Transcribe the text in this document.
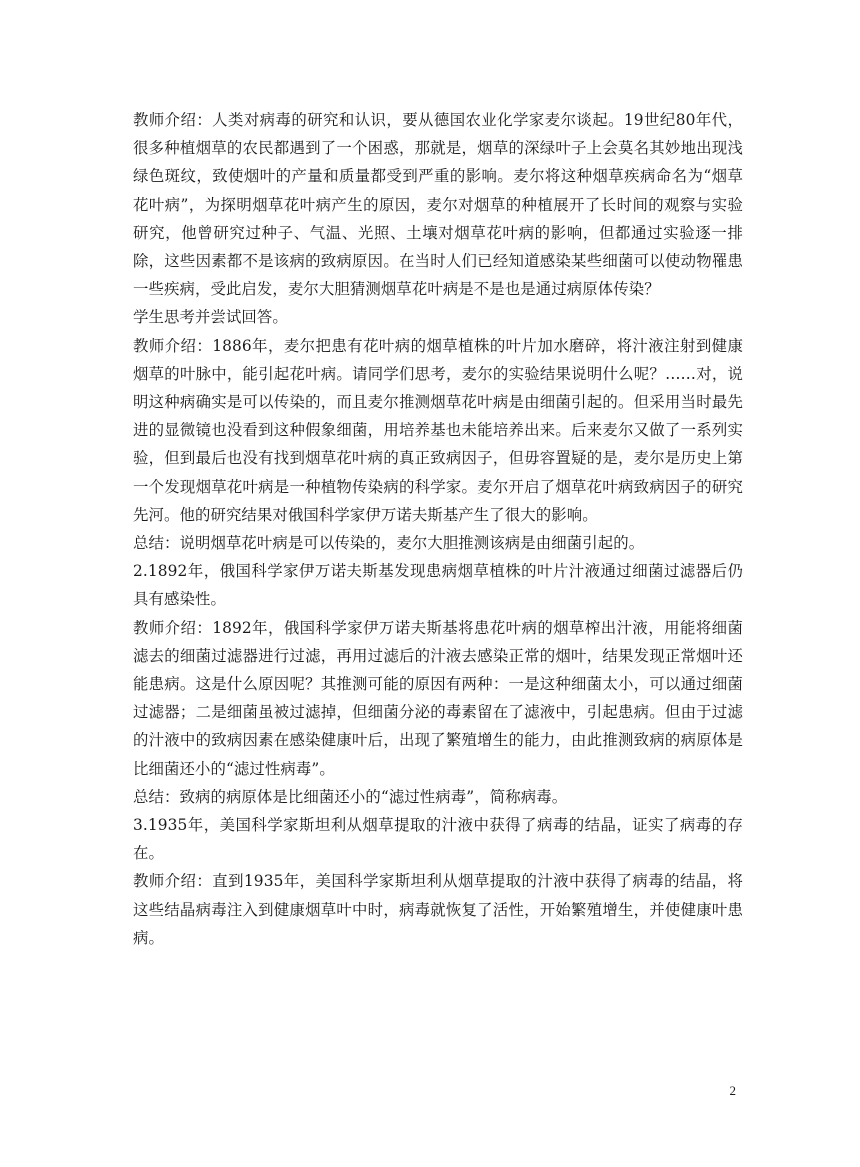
教师介绍：人类对病毒的研究和认识，要从德国农业化学家麦尔谈起。19世纪80年代，很多种植烟草的农民都遇到了一个困惑，那就是，烟草的深绿叶子上会莫名其妙地出现浅绿色斑纹，致使烟叶的产量和质量都受到严重的影响。麦尔将这种烟草疾病命名为“烟草花叶病”，为探明烟草花叶病产生的原因，麦尔对烟草的种植展开了长时间的观察与实验研究，他曾研究过种子、气温、光照、土壤对烟草花叶病的影响，但都通过实验逐一排除，这些因素都不是该病的致病原因。在当时人们已经知道感染某些细菌可以使动物罹患一些疾病，受此启发，麦尔大胆猜测烟草花叶病是不是也是通过病原体传染？

学生思考并尝试回答。

教师介绍：1886年，麦尔把患有花叶病的烟草植株的叶片加水磨碎，将汁液注射到健康烟草的叶脉中，能引起花叶病。请同学们思考，麦尔的实验结果说明什么呢？……对，说明这种病确实是可以传染的，而且麦尔推测烟草花叶病是由细菌引起的。但采用当时最先进的显微镜也没看到这种假象细菌，用培养基也未能培养出来。后来麦尔又做了一系列实验，但到最后也没有找到烟草花叶病的真正致病因子，但毋容置疑的是，麦尔是历史上第一个发现烟草花叶病是一种植物传染病的科学家。麦尔开启了烟草花叶病致病因子的研究先河。他的研究结果对俄国科学家伊万诺夫斯基产生了很大的影响。

总结：说明烟草花叶病是可以传染的，麦尔大胆推测该病是由细菌引起的。

2.1892年，俄国科学家伊万诺夫斯基发现患病烟草植株的叶片汁液通过细菌过滤器后仍具有感染性。

教师介绍：1892年，俄国科学家伊万诺夫斯基将患花叶病的烟草榨出汁液，用能将细菌滤去的细菌过滤器进行过滤，再用过滤后的汁液去感染正常的烟叶，结果发现正常烟叶还能患病。这是什么原因呢？其推测可能的原因有两种：一是这种细菌太小，可以通过细菌过滤器；二是细菌虽被过滤掉，但细菌分泌的毒素留在了滤液中，引起患病。但由于过滤的汁液中的致病因素在感染健康叶后，出现了繁殖增生的能力，由此推测致病的病原体是比细菌还小的“滤过性病毒”。

总结：致病的病原体是比细菌还小的“滤过性病毒”，简称病毒。

3.1935年，美国科学家斯坦利从烟草提取的汁液中获得了病毒的结晶，证实了病毒的存在。

教师介绍：直到1935年，美国科学家斯坦利从烟草提取的汁液中获得了病毒的结晶，将这些结晶病毒注入到健康烟草叶中时，病毒就恢复了活性，开始繁殖增生，并使健康叶患病。

2
